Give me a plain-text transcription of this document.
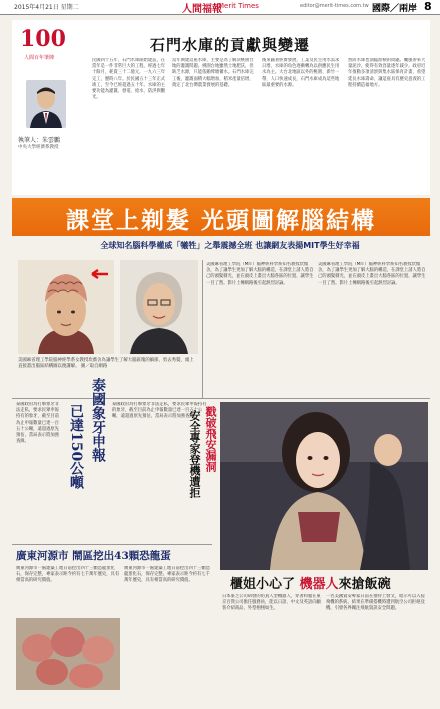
2015年4月21日 星期二	人間福報
Merit Times	editor@merit-times.com.tw 國際／兩岸 8
100
人間百年筆陣
石門水庫的貢獻與變遷
執筆人：朱雲鵬
中央大學經濟系教授
民國四十五年，石門水庫開始建造，在當年是一件非常巨大的工程，經過七年十餘月，耗資三十二億元，一九六三年完工，歷時八年。於民國五十三年正式竣工，至今已經超過五十年。水庫的主要功能為灌溉、發電、給水、防洪與觀光。
當年興建這座水庫，主要是為了解決桃園台地的灌溉問題。桃園台地雖然土地肥沃，但缺乏水源，只能依賴埤塘蓄水。石門水庫完工後，灌溉面積大幅增加，稻米產量倍增，奠定了北台灣農業發展的基礎。
後來隨著經濟發展，工業及民生用水需求日增，水庫的角色逐漸轉為以供應民生用水為主。大台北地區以外的桃園、新竹一帶，人口快速成長，石門水庫成為這些地區最重要的水源。
然而水庫也面臨淤積的問題。颱風帶來大量泥沙，使得有效容量逐年減少。政府近年推動多項清淤與集水區保育計畫，希望延長水庫壽命，讓這座具有歷史意義的工程持續造福地方。
課堂上剃髮 光頭圖解腦結構
全球知名腦科學權威「犧牲」之舉震撼全班 也讓網友表揚MIT學生好幸福
美國麻省理工學院腦神經學系女教授坎薇舍為讓學生了解大腦區塊的細節，剪去秀髮，頭上直接畫出腦區結構圖以便講解。 圖／取自網路
美國麻省理工學院（MIT）腦神經科學系知名教授坎薇舍，為了讓學生更加了解大腦的構造，在課堂上請人將自己的頭髮剃光，並在頭皮上畫出大腦各區的位置，讓學生一目了然。影片上傳網路後引起熱烈討論。
美國麻省理工學院（MIT）腦神經科學系知名教授坎薇舍，為了讓學生更加了解大腦的構造，在課堂上請人將自己的頭髮剃光，並在頭皮上畫出大腦各區的位置，讓學生一目了然。影片上傳網路後引起熱烈討論。
泰國象牙申報
已達150公噸
泰國政府為打擊象牙非法走私，要求民眾申報持有的象牙，截至目前為止申報數量已達一百五十公噸，遠超過原先預估，當局表示將加強查緝。
泰國政府為打擊象牙非法走私，要求民眾申報持有的象牙，截至目前為止申報數量已達一百五十公噸，遠超過原先預估，當局表示將加強查緝。 戳破飛安漏洞
安全專家登機遭拒
櫃姐小心了 機器人來搶飯碗
日本東芝公司研發的仿真人型機器人，穿著和服在東京百貨公司擔任服務員，能以日語、中文及英語向顧客介紹商品，外型栩栩如生。
一名美國資安專家日前在推特上發文，暗示可以入侵飛機的系統，結果在準備搭機時遭到航空公司拒絕登機，引發各界關注飛航資訊安全問題。
廣東河源市 鬧區挖出43顆恐龍蛋
廣東河源市一處建築工地日前挖出四十三顆恐龍蛋化石，保存完整，專家表示距今約有七千萬年歷史，具有相當高的研究價值。
廣東河源市一處建築工地日前挖出四十三顆恐龍蛋化石，保存完整，專家表示距今約有七千萬年歷史，具有相當高的研究價值。
